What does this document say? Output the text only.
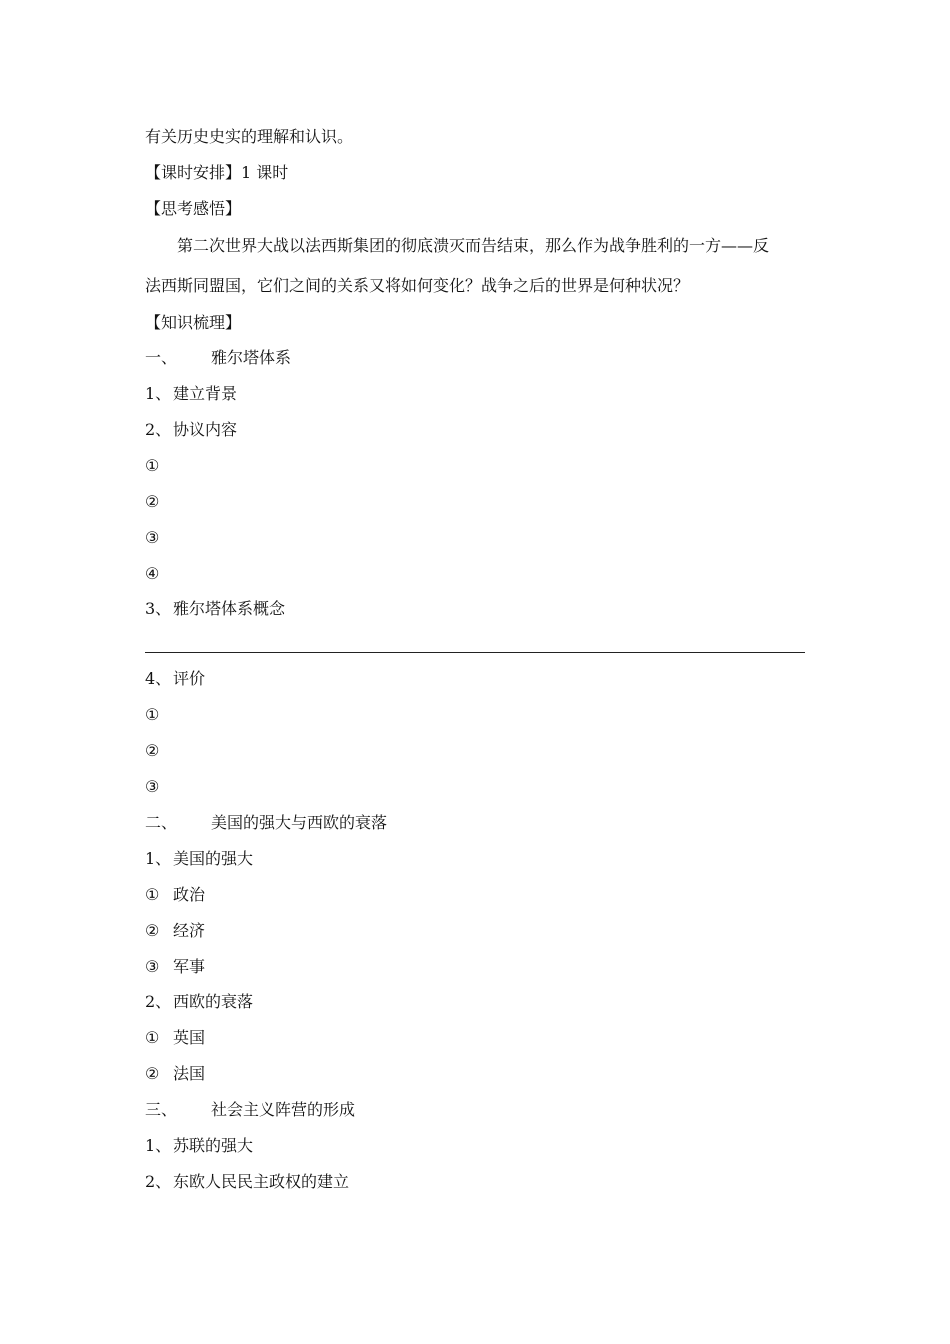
有关历史史实的理解和认识。
【课时安排】1 课时
【思考感悟】
第二次世界大战以法西斯集团的彻底溃灭而告结束，那么作为战争胜利的一方——反
法西斯同盟国，它们之间的关系又将如何变化？战争之后的世界是何种状况？
【知识梳理】
一、 雅尔塔体系
1、 建立背景
2、 协议内容
①
②
③
④
3、 雅尔塔体系概念
4、 评价
①
②
③
二、 美国的强大与西欧的衰落
1、 美国的强大
① 政治
② 经济
③ 军事
2、 西欧的衰落
① 英国
② 法国
三、 社会主义阵营的形成
1、 苏联的强大
2、 东欧人民民主政权的建立
